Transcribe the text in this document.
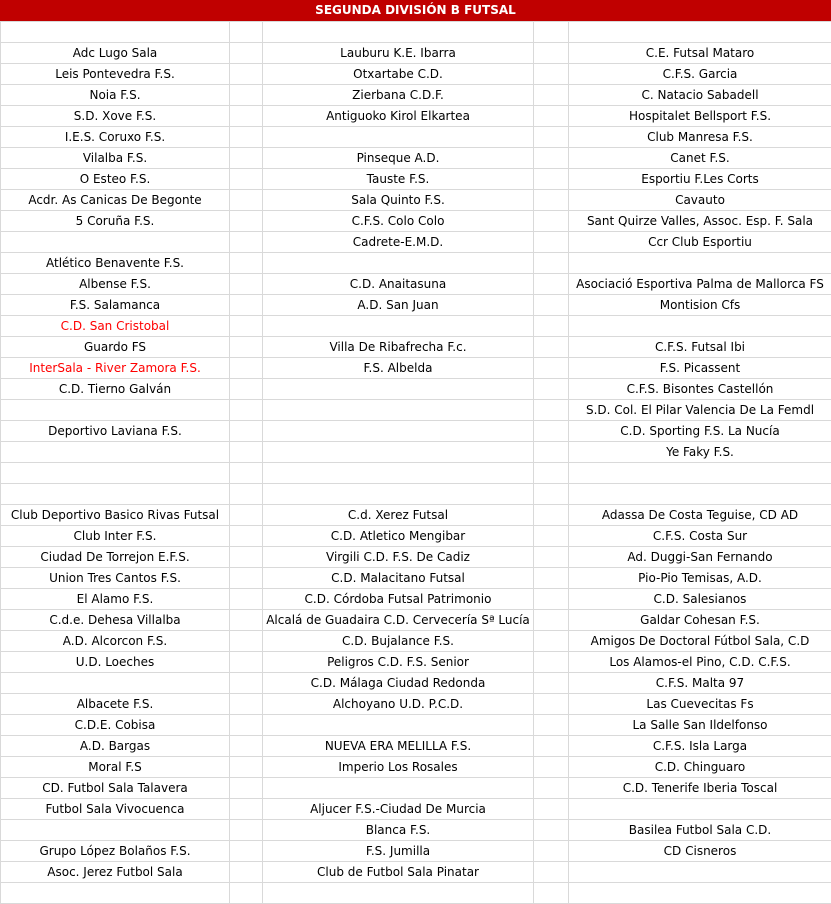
SEGUNDA DIVISIÓN B FUTSAL

Adc Lugo Sala		Lauburu K.E. Ibarra		C.E. Futsal Mataro
Leis Pontevedra F.S.		Otxartabe C.D.		C.F.S. Garcia
Noia F.S.		Zierbana C.D.F.		C. Natacio Sabadell
S.D. Xove F.S.		Antiguoko Kirol Elkartea		Hospitalet Bellsport F.S.
I.E.S. Coruxo F.S.				Club Manresa F.S.
Vilalba F.S.		Pinseque A.D.		Canet F.S.
O Esteo F.S.		Tauste F.S.		Esportiu F.Les Corts
Acdr. As Canicas De Begonte		Sala Quinto F.S.		Cavauto
5 Coruña F.S.		C.F.S. Colo Colo		Sant Quirze Valles, Assoc. Esp. F. Sala
		Cadrete-E.M.D.		Ccr Club Esportiu
Atlético Benavente F.S.				
Albense F.S.		C.D. Anaitasuna		Asociació Esportiva Palma de Mallorca FS
F.S. Salamanca		A.D. San Juan		Montision Cfs
C.D. San Cristobal				
Guardo FS		Villa De Ribafrecha F.c.		C.F.S. Futsal Ibi
InterSala - River Zamora F.S.		F.S. Albelda		F.S. Picassent
C.D. Tierno Galván				C.F.S. Bisontes Castellón
				S.D. Col. El Pilar Valencia De La Femdl
Deportivo Laviana F.S.				C.D. Sporting F.S. La Nucía
				Ye Faky F.S.

Club Deportivo Basico Rivas Futsal		C.d. Xerez Futsal		Adassa De Costa Teguise, CD AD
Club Inter F.S.		C.D. Atletico Mengibar		C.F.S. Costa Sur
Ciudad De Torrejon E.F.S.		Virgili C.D. F.S. De Cadiz		Ad. Duggi-San Fernando
Union Tres Cantos F.S.		C.D. Malacitano Futsal		Pio-Pio Temisas, A.D.
El Alamo F.S.		C.D. Córdoba Futsal Patrimonio		C.D. Salesianos
C.d.e. Dehesa Villalba		Alcalá de Guadaira C.D. Cervecería Sª Lucía		Galdar Cohesan F.S.
A.D. Alcorcon F.S.		C.D. Bujalance F.S.		Amigos De Doctoral Fútbol Sala, C.D
U.D. Loeches		Peligros C.D. F.S. Senior		Los Alamos-el Pino, C.D. C.F.S.
		C.D. Málaga Ciudad Redonda		C.F.S. Malta 97
Albacete F.S.		Alchoyano U.D. P.C.D.		Las Cuevecitas Fs
C.D.E. Cobisa				La Salle San Ildelfonso
A.D. Bargas		NUEVA ERA MELILLA F.S.		C.F.S. Isla Larga
Moral F.S		Imperio Los Rosales		C.D. Chinguaro
CD. Futbol Sala Talavera				C.D. Tenerife Iberia Toscal
Futbol Sala Vivocuenca		Aljucer F.S.-Ciudad De Murcia		
		Blanca F.S.		Basilea Futbol Sala C.D.
Grupo López Bolaños F.S.		F.S. Jumilla		CD Cisneros
Asoc. Jerez Futbol Sala		Club de Futbol Sala Pinatar		
